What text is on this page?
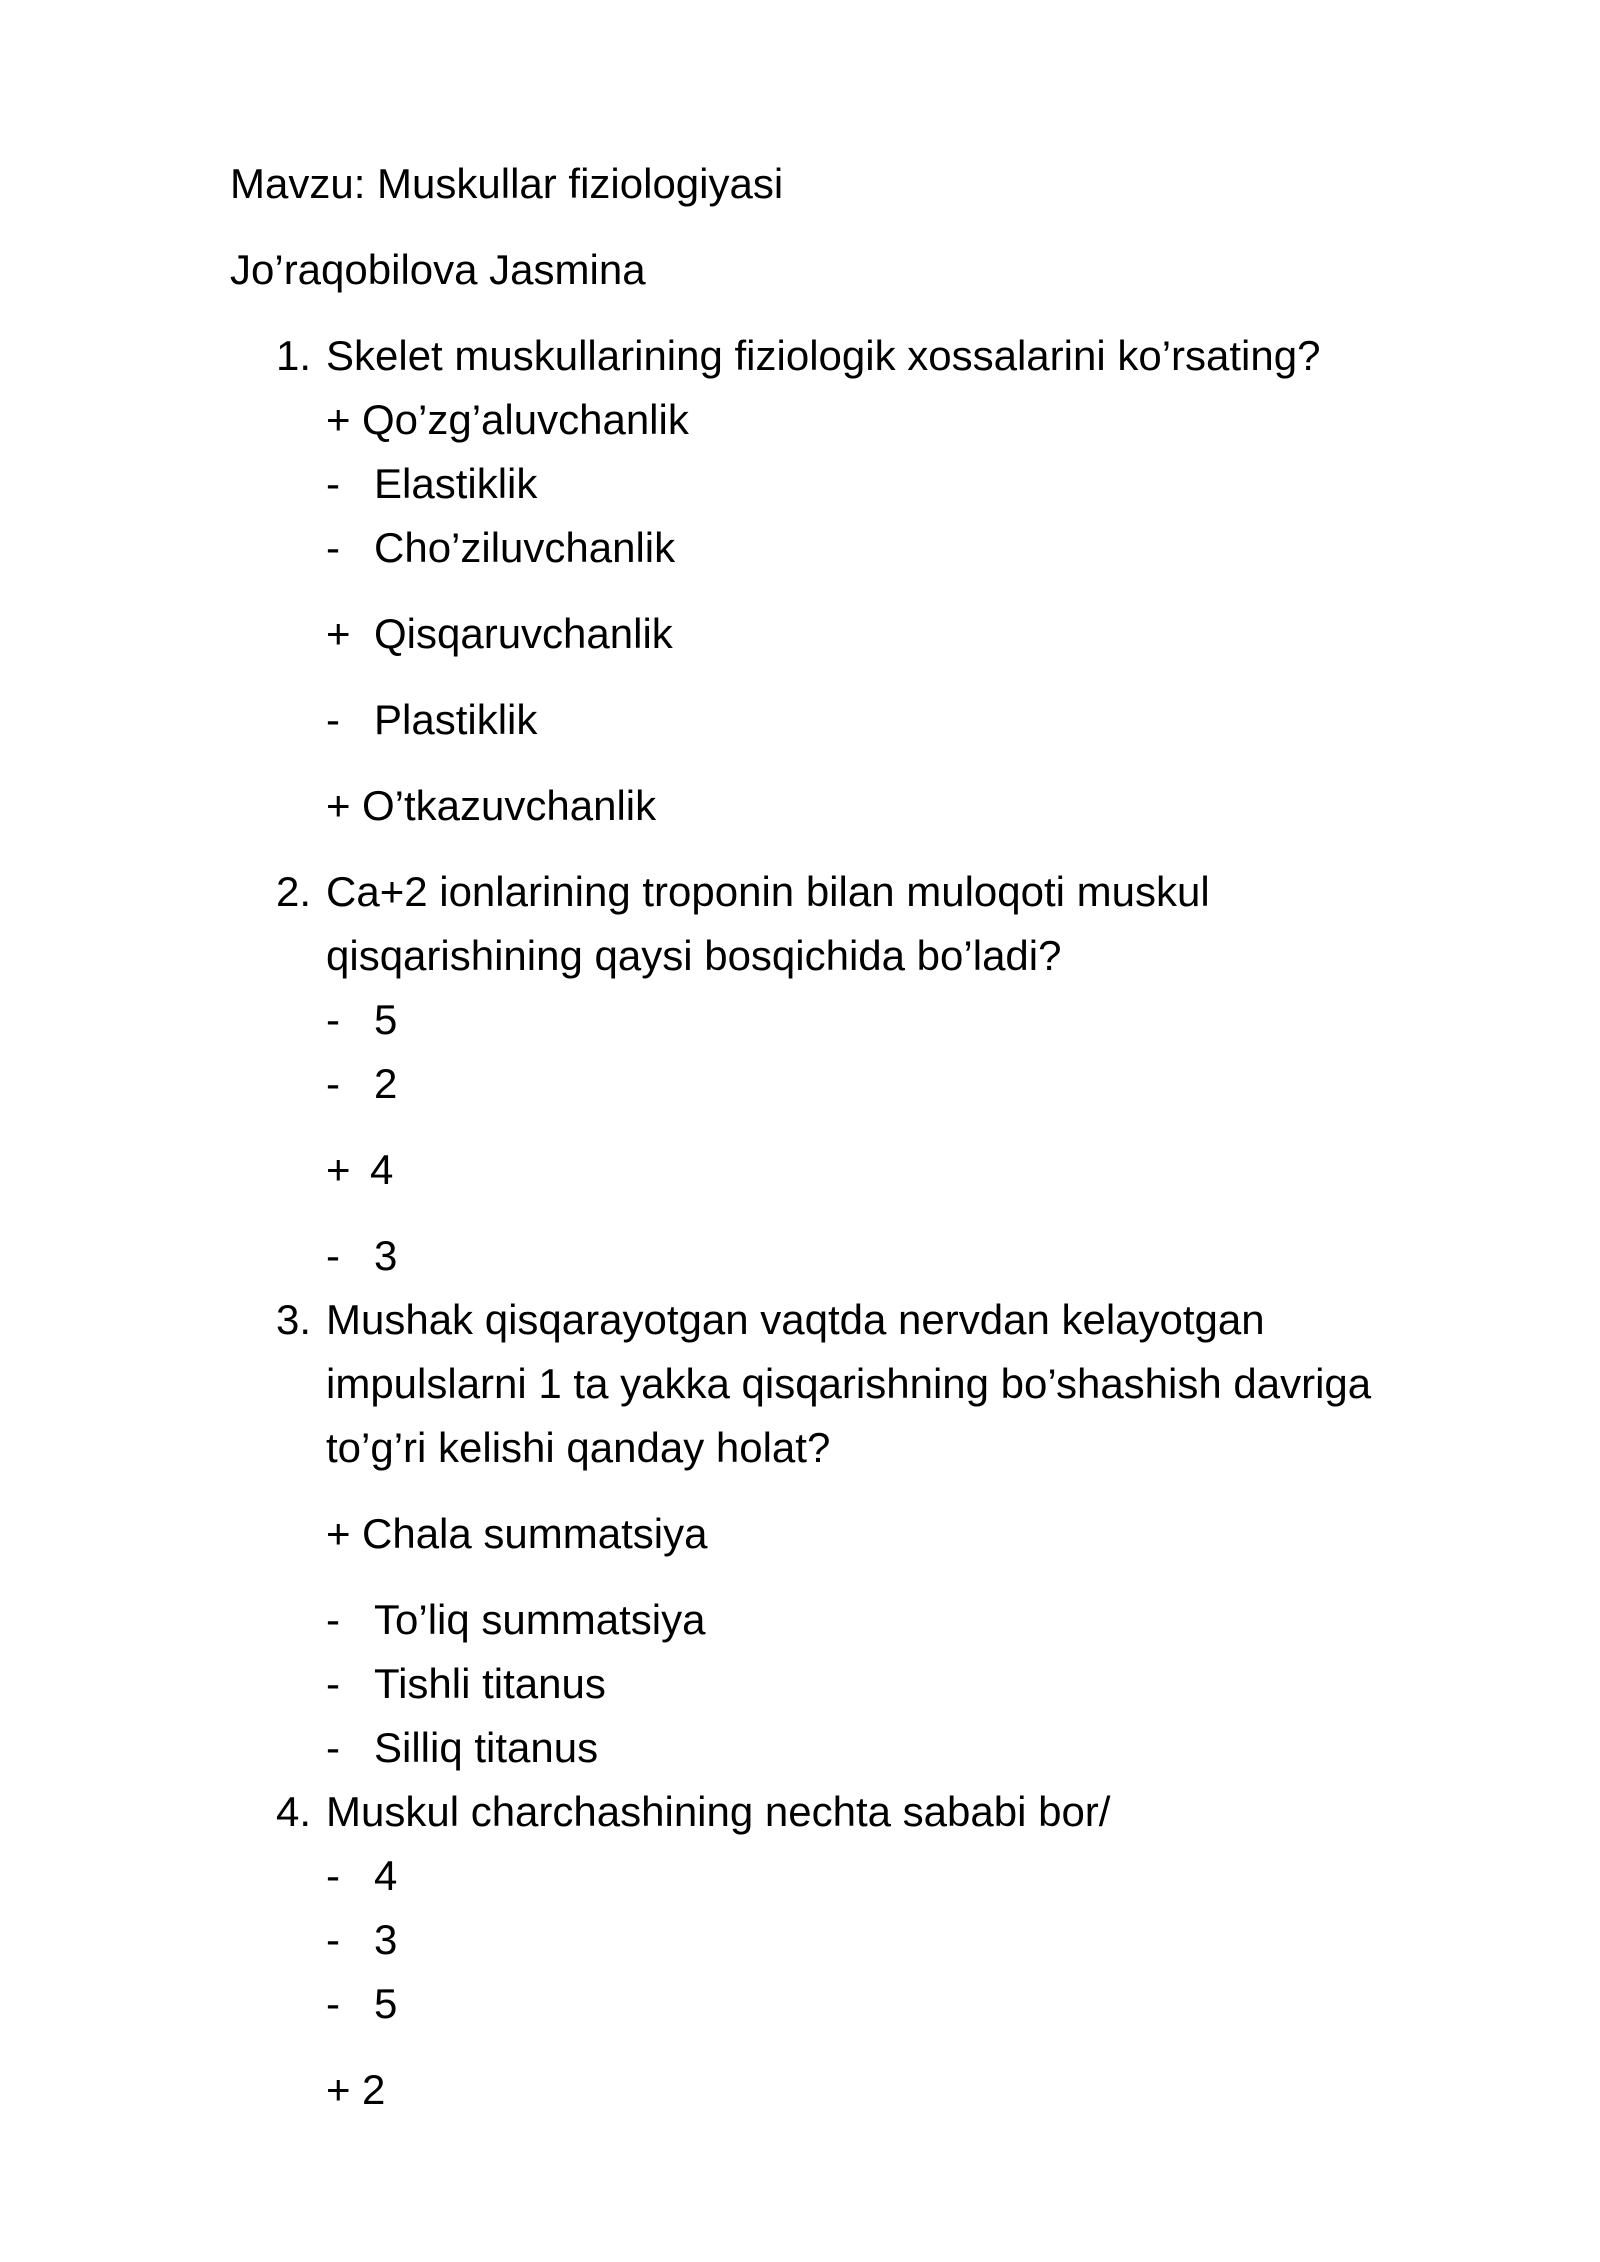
Mavzu: Muskullar fiziologiyasi
Jo’raqobilova Jasmina
1. Skelet muskullarining fiziologik xossalarini ko’rsating?
+ Qo’zg’aluvchanlik
- Elastiklik
- Cho’ziluvchanlik
+ Qisqaruvchanlik
- Plastiklik
+ O’tkazuvchanlik
2. Ca+2 ionlarining troponin bilan muloqoti muskul
qisqarishining qaysi bosqichida bo’ladi?
- 5
- 2
+ 4
- 3
3. Mushak qisqarayotgan vaqtda nervdan kelayotgan
impulslarni 1 ta yakka qisqarishning bo’shashish davriga
to’g’ri kelishi qanday holat?
+ Chala summatsiya
- To’liq summatsiya
- Tishli titanus
- Silliq titanus
4. Muskul charchashining nechta sababi bor/
- 4
- 3
- 5
+ 2
